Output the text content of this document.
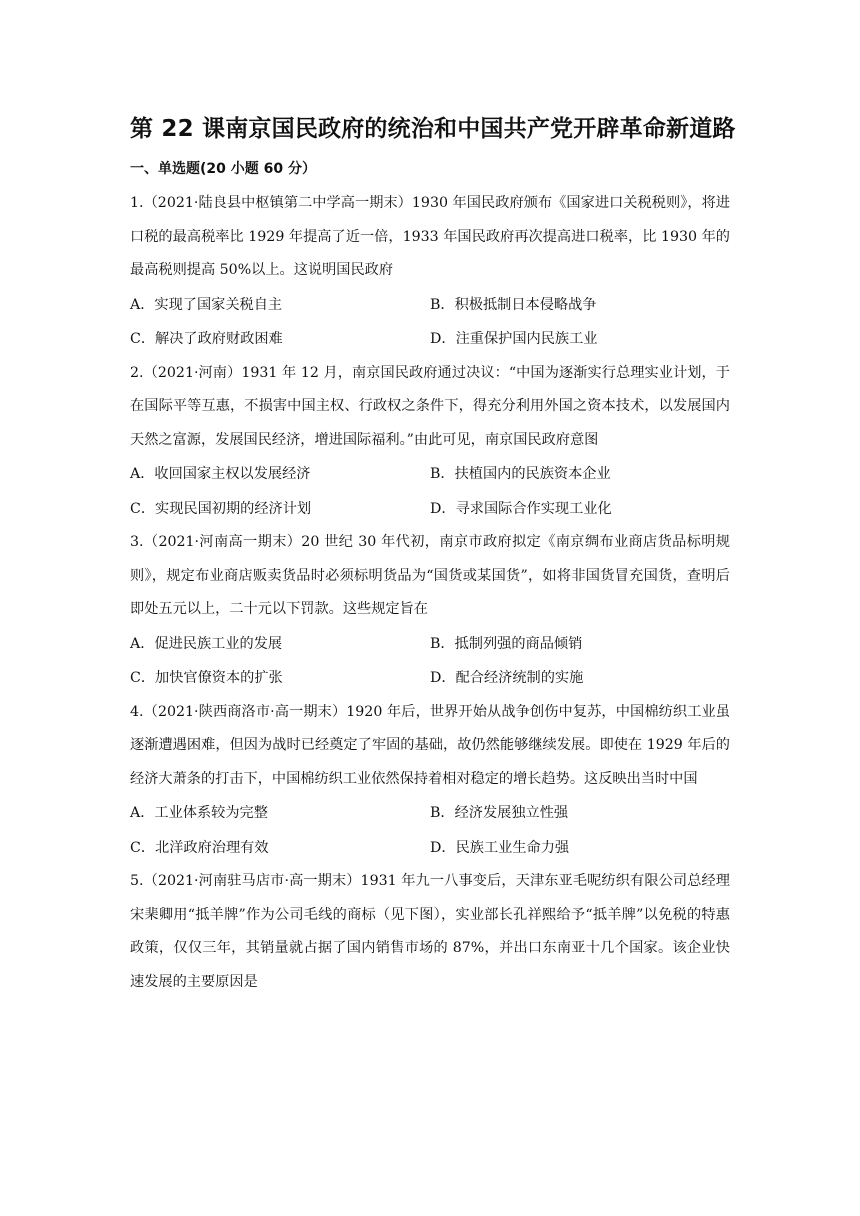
第 22 课南京国民政府的统治和中国共产党开辟革命新道路
一、单选题(20 小题 60 分）

1.（2021·陆良县中枢镇第二中学高一期末）1930 年国民政府颁布《国家进口关税税则》，将进口税的最高税率比 1929 年提高了近一倍，1933 年国民政府再次提高进口税率，比 1930 年的最高税则提高 50%以上。这说明国民政府

A．实现了国家关税自主	B．积极抵制日本侵略战争
C．解决了政府财政困难	D．注重保护国内民族工业

2.（2021·河南）1931 年 12 月，南京国民政府通过决议：“中国为逐渐实行总理实业计划，于在国际平等互惠，不损害中国主权、行政权之条件下，得充分利用外国之资本技术，以发展国内天然之富源，发展国民经济，增进国际福利。”由此可见，南京国民政府意图

A．收回国家主权以发展经济	B．扶植国内的民族资本企业
C．实现民国初期的经济计划	D．寻求国际合作实现工业化

3.（2021·河南高一期末）20 世纪 30 年代初，南京市政府拟定《南京绸布业商店货品标明规则》，规定布业商店贩卖货品时必须标明货品为“国货或某国货”，如将非国货冒充国货，查明后即处五元以上，二十元以下罚款。这些规定旨在

A．促进民族工业的发展	B．抵制列强的商品倾销
C．加快官僚资本的扩张	D．配合经济统制的实施

4.（2021·陕西商洛市·高一期末）1920 年后，世界开始从战争创伤中复苏，中国棉纺织工业虽逐渐遭遇困难，但因为战时已经奠定了牢固的基础，故仍然能够继续发展。即使在 1929 年后的经济大萧条的打击下，中国棉纺织工业依然保持着相对稳定的增长趋势。这反映出当时中国

A．工业体系较为完整	B．经济发展独立性强
C．北洋政府治理有效	D．民族工业生命力强

5.（2021·河南驻马店市·高一期末）1931 年九一八事变后，天津东亚毛呢纺织有限公司总经理宋棐卿用“抵羊牌”作为公司毛线的商标（见下图），实业部长孔祥熙给予“抵羊牌”以免税的特惠政策，仅仅三年，其销量就占据了国内销售市场的 87%，并出口东南亚十几个国家。该企业快速发展的主要原因是
